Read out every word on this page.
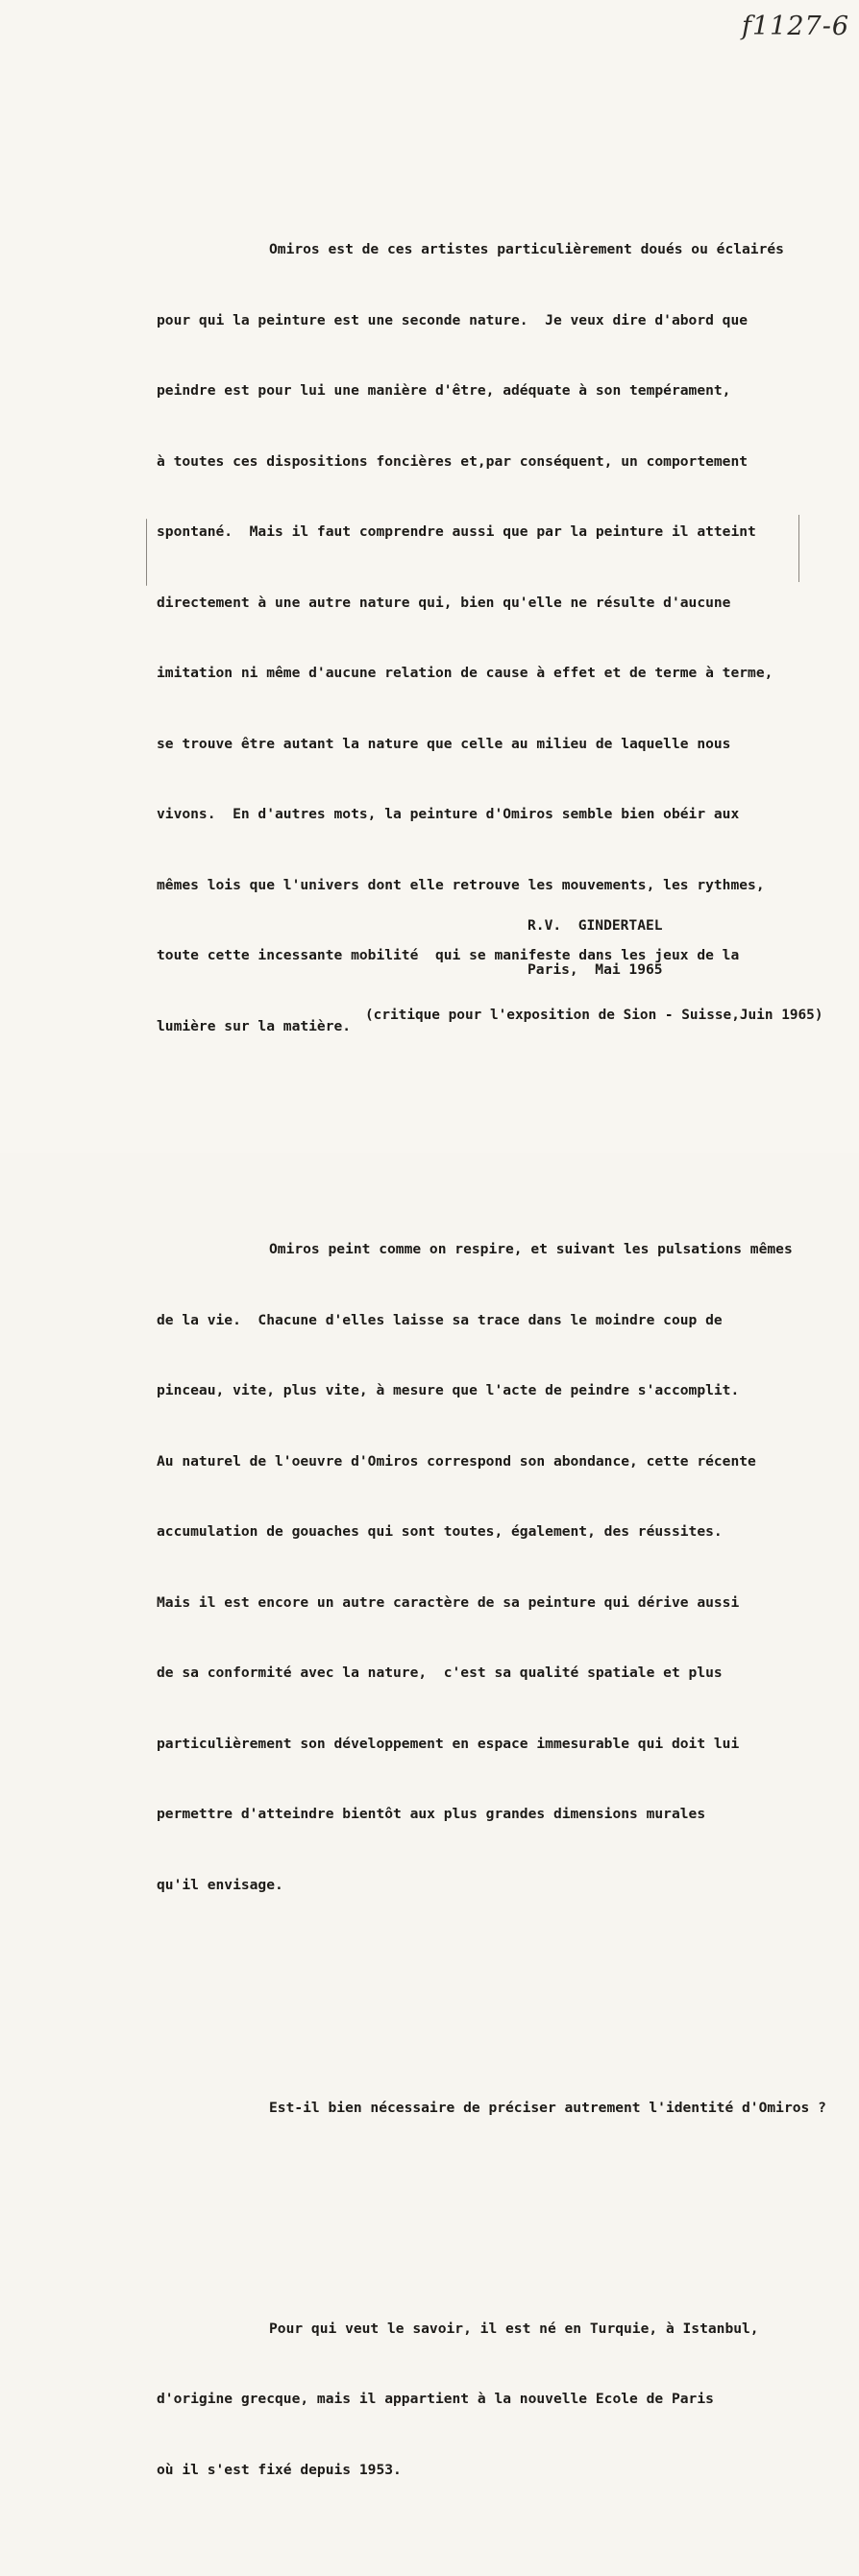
f1127-6

Omiros est de ces artistes particulièrement doués ou éclairés

pour qui la peinture est une seconde nature.  Je veux dire d'abord que

peindre est pour lui une manière d'être, adéquate à son tempérament,

à toutes ces dispositions foncières et,par conséquent, un comportement

spontané.  Mais il faut comprendre aussi que par la peinture il atteint

directement à une autre nature qui, bien qu'elle ne résulte d'aucune

imitation ni même d'aucune relation de cause à effet et de terme à terme,

se trouve être autant la nature que celle au milieu de laquelle nous

vivons.  En d'autres mots, la peinture d'Omiros semble bien obéir aux

mêmes lois que l'univers dont elle retrouve les mouvements, les rythmes,

toute cette incessante mobilité  qui se manifeste dans les jeux de la

lumière sur la matière.

Omiros peint comme on respire, et suivant les pulsations mêmes

de la vie.  Chacune d'elles laisse sa trace dans le moindre coup de

pinceau, vite, plus vite, à mesure que l'acte de peindre s'accomplit.

Au naturel de l'oeuvre d'Omiros correspond son abondance, cette récente

accumulation de gouaches qui sont toutes, également, des réussites.

Mais il est encore un autre caractère de sa peinture qui dérive aussi

de sa conformité avec la nature,  c'est sa qualité spatiale et plus

particulièrement son développement en espace immesurable qui doit lui

permettre d'atteindre bientôt aux plus grandes dimensions murales

qu'il envisage.

Est-il bien nécessaire de préciser autrement l'identité d'Omiros ?

Pour qui veut le savoir, il est né en Turquie, à Istanbul,

d'origine grecque, mais il appartient à la nouvelle Ecole de Paris

où il s'est fixé depuis 1953.

R.V.  GINDERTAEL
Paris,  Mai 1965
(critique pour l'exposition de Sion - Suisse,Juin 1965)
